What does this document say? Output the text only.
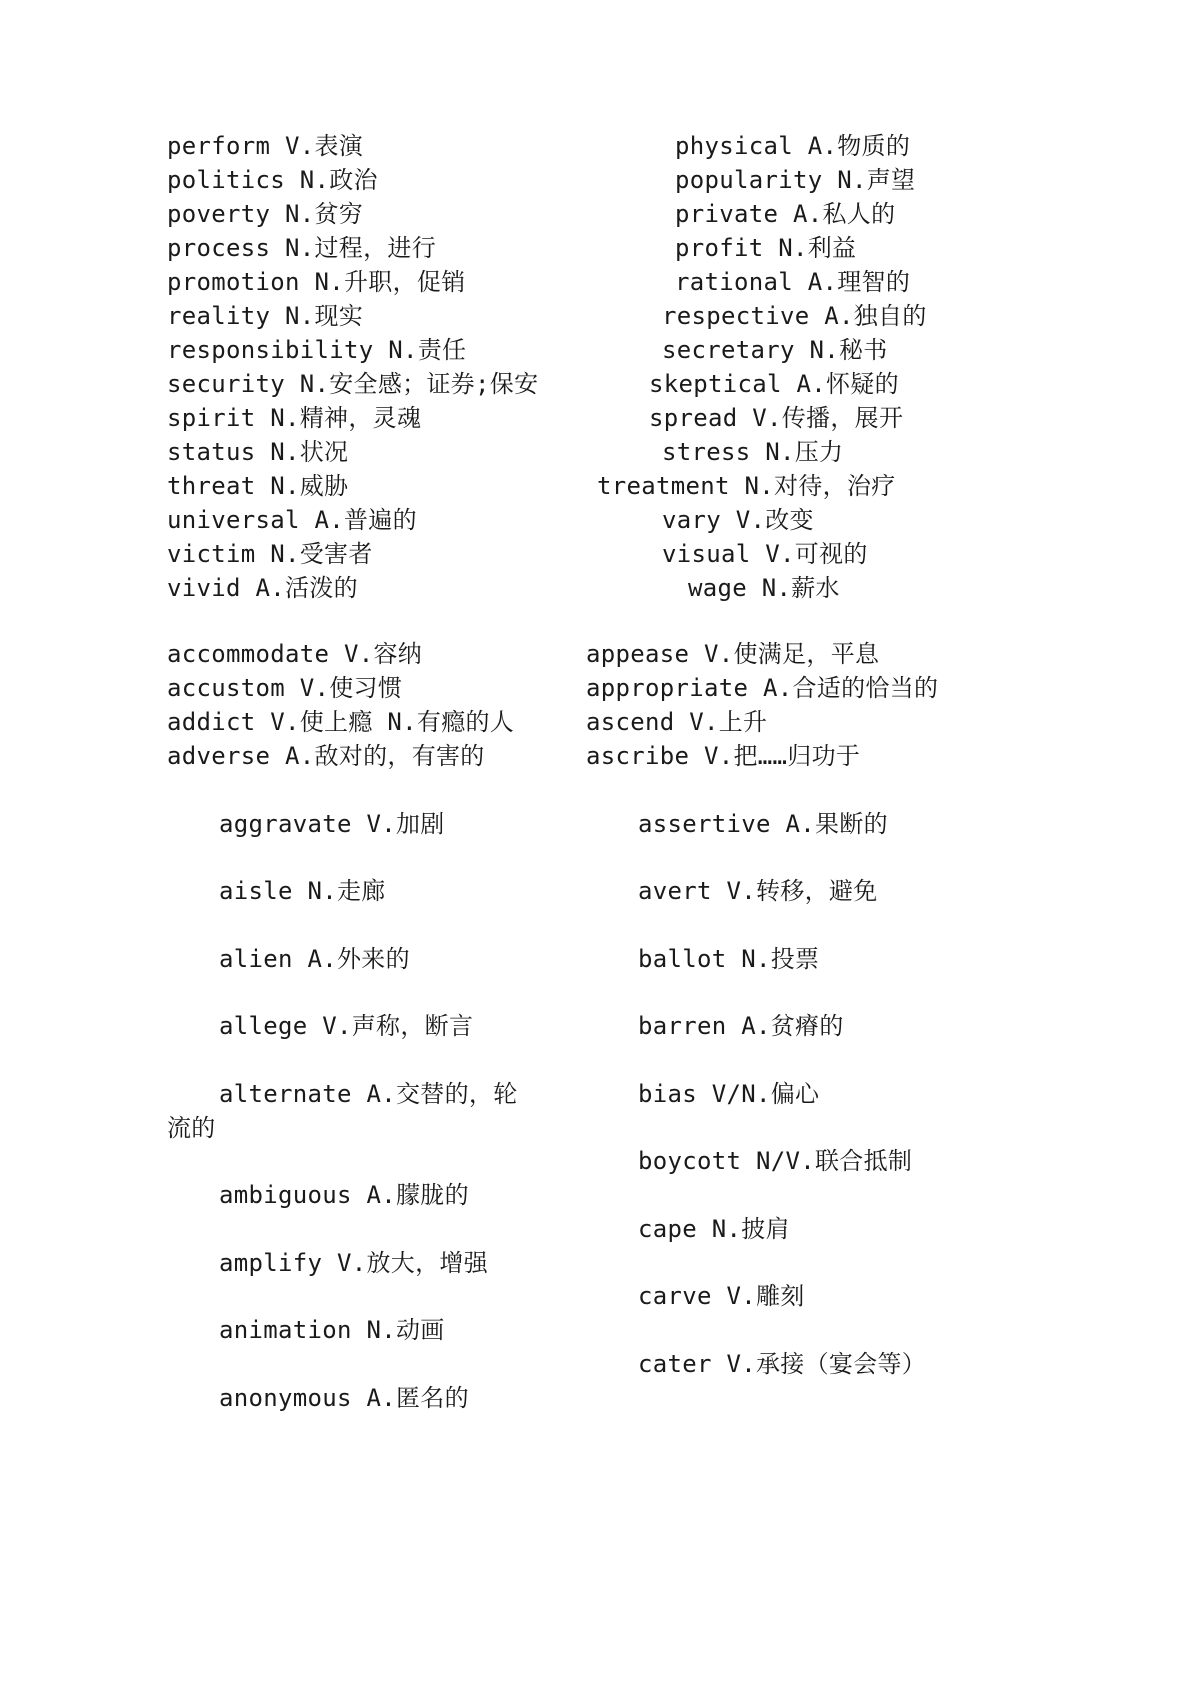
perform V.表演
politics N.政治
poverty N.贫穷
process N.过程，进行
promotion N.升职，促销
reality N.现实
responsibility N.责任
security N.安全感；证券;保安
spirit N.精神，灵魂
status N.状况
threat N.威胁
universal A.普遍的
victim N.受害者
vivid A.活泼的
physical A.物质的
popularity N.声望
private A.私人的
profit N.利益
rational A.理智的
respective A.独自的
secretary N.秘书
skeptical A.怀疑的
spread V.传播，展开
stress N.压力
treatment N.对待，治疗
vary V.改变
visual V.可视的
wage N.薪水
accommodate V.容纳
accustom V.使习惯
addict V.使上瘾 N.有瘾的人
adverse A.敌对的，有害的
appease V.使满足，平息
appropriate A.合适的恰当的
ascend V.上升
ascribe V.把……归功于
aggravate V.加剧
aisle N.走廊
alien A.外来的
allege V.声称，断言
alternate A.交替的，轮
流的
ambiguous A.朦胧的
amplify V.放大，增强
animation N.动画
anonymous A.匿名的
assertive A.果断的
avert V.转移，避免
ballot N.投票
barren A.贫瘠的
bias V/N.偏心
boycott N/V.联合抵制
cape N.披肩
carve V.雕刻
cater V.承接（宴会等）
